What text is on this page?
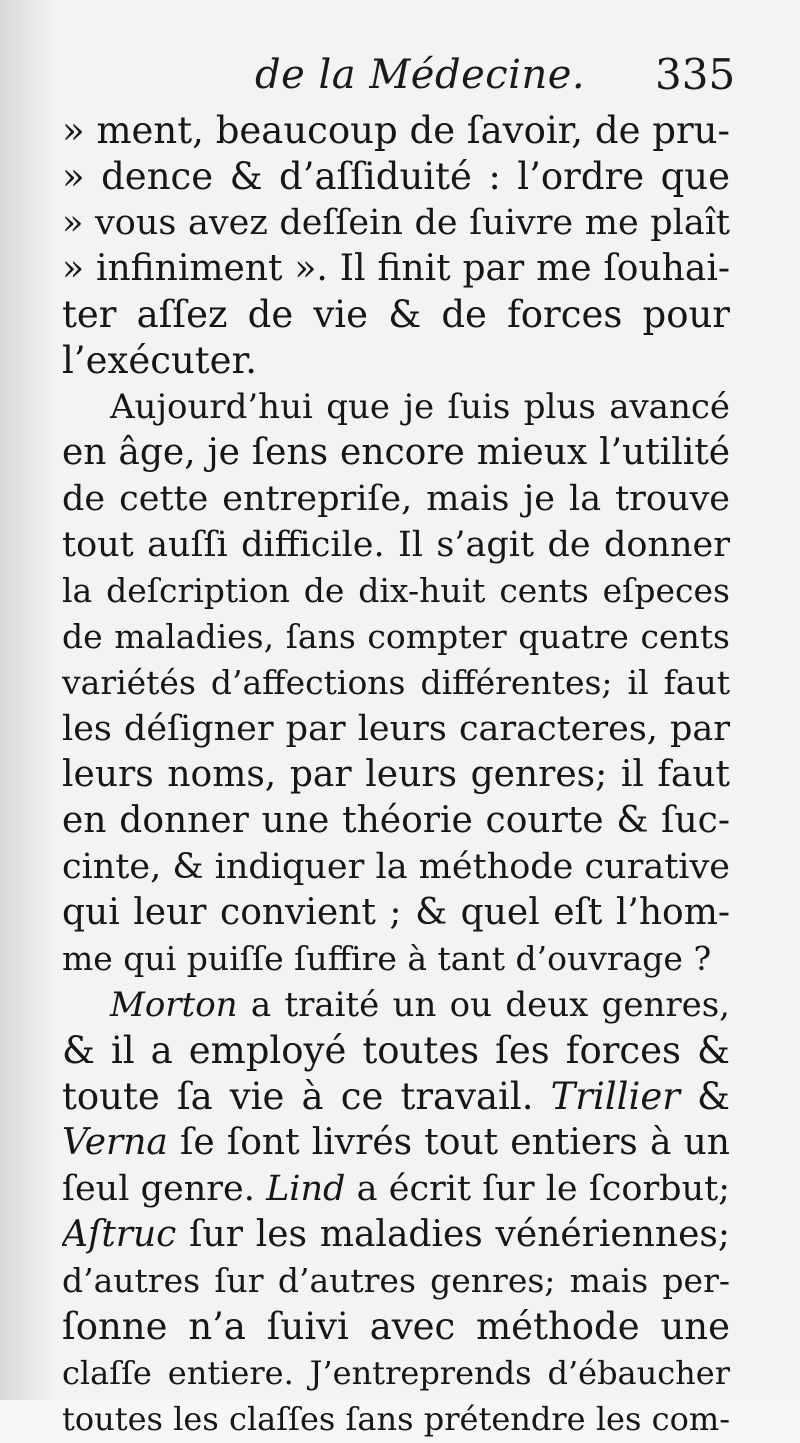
de la Médecine. 335
» ment, beaucoup de ſavoir, de pru-
» dence & d’aſſiduité : l’ordre que
» vous avez deſſein de ſuivre me plaît
» infiniment ». Il finit par me ſouhai-
ter aſſez de vie & de forces pour
l’exécuter.
Aujourd’hui que je ſuis plus avancé
en âge, je ſens encore mieux l’utilité
de cette entrepriſe, mais je la trouve
tout auſſi difficile. Il s’agit de donner
la deſcription de dix-huit cents eſpeces
de maladies, ſans compter quatre cents
variétés d’affections différentes; il faut
les déſigner par leurs caracteres, par
leurs noms, par leurs genres; il faut
en donner une théorie courte & ſuc-
cinte, & indiquer la méthode curative
qui leur convient ; & quel eſt l’hom-
me qui puiſſe ſuffire à tant d’ouvrage ?
Morton a traité un ou deux genres,
& il a employé toutes ſes forces &
toute ſa vie à ce travail. Trillier &
Verna ſe ſont livrés tout entiers à un
ſeul genre. Lind a écrit ſur le ſcorbut;
Aſtruc ſur les maladies vénériennes;
d’autres ſur d’autres genres; mais per-
ſonne n’a ſuivi avec méthode une
claſſe entiere. J’entreprends d’ébaucher
toutes les claſſes ſans prétendre les com-
